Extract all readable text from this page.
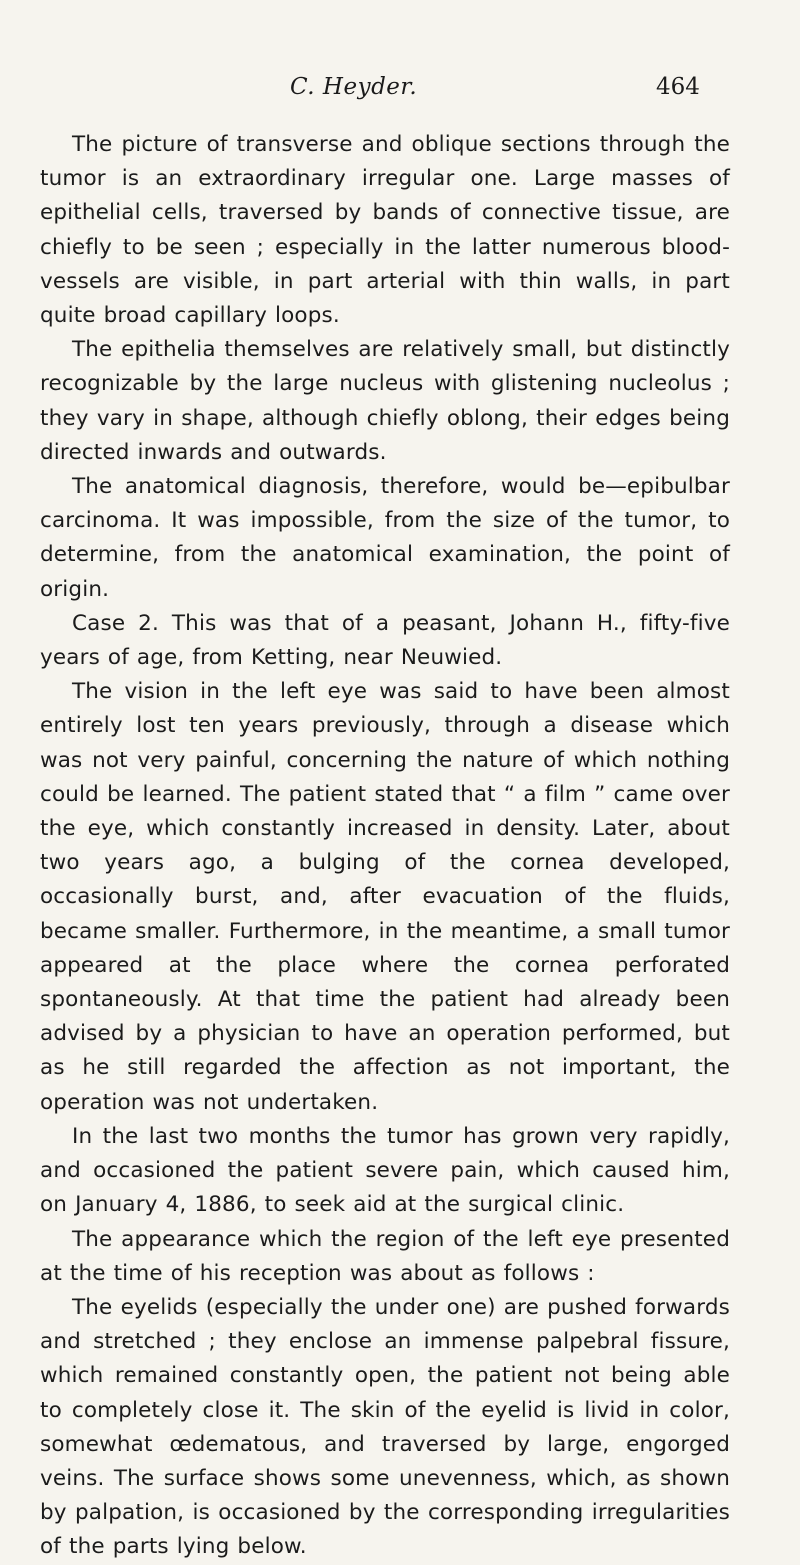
C. Heyder.	464

The picture of transverse and oblique sections through the tumor is an extraordinary irregular one. Large masses of epithelial cells, traversed by bands of connective tissue, are chiefly to be seen ; especially in the latter numerous blood-vessels are visible, in part arterial with thin walls, in part quite broad capillary loops.

The epithelia themselves are relatively small, but distinctly recognizable by the large nucleus with glistening nucleolus ; they vary in shape, although chiefly oblong, their edges being directed inwards and outwards.

The anatomical diagnosis, therefore, would be—epibulbar carcinoma. It was impossible, from the size of the tumor, to determine, from the anatomical examination, the point of origin.

Case 2. This was that of a peasant, Johann H., fifty-five years of age, from Ketting, near Neuwied.

The vision in the left eye was said to have been almost entirely lost ten years previously, through a disease which was not very painful, concerning the nature of which nothing could be learned. The patient stated that “ a film ” came over the eye, which constantly increased in density. Later, about two years ago, a bulging of the cornea developed, occasionally burst, and, after evacuation of the fluids, became smaller. Furthermore, in the meantime, a small tumor appeared at the place where the cornea perforated spontaneously. At that time the patient had already been advised by a physician to have an operation performed, but as he still regarded the affection as not important, the operation was not undertaken.

In the last two months the tumor has grown very rapidly, and occasioned the patient severe pain, which caused him, on January 4, 1886, to seek aid at the surgical clinic.

The appearance which the region of the left eye presented at the time of his reception was about as follows :

The eyelids (especially the under one) are pushed forwards and stretched ; they enclose an immense palpebral fissure, which remained constantly open, the patient not being able to completely close it. The skin of the eyelid is livid in color, somewhat œdematous, and traversed by large, engorged veins. The surface shows some unevenness, which, as shown by palpation, is occasioned by the corresponding irregularities of the parts lying below.
